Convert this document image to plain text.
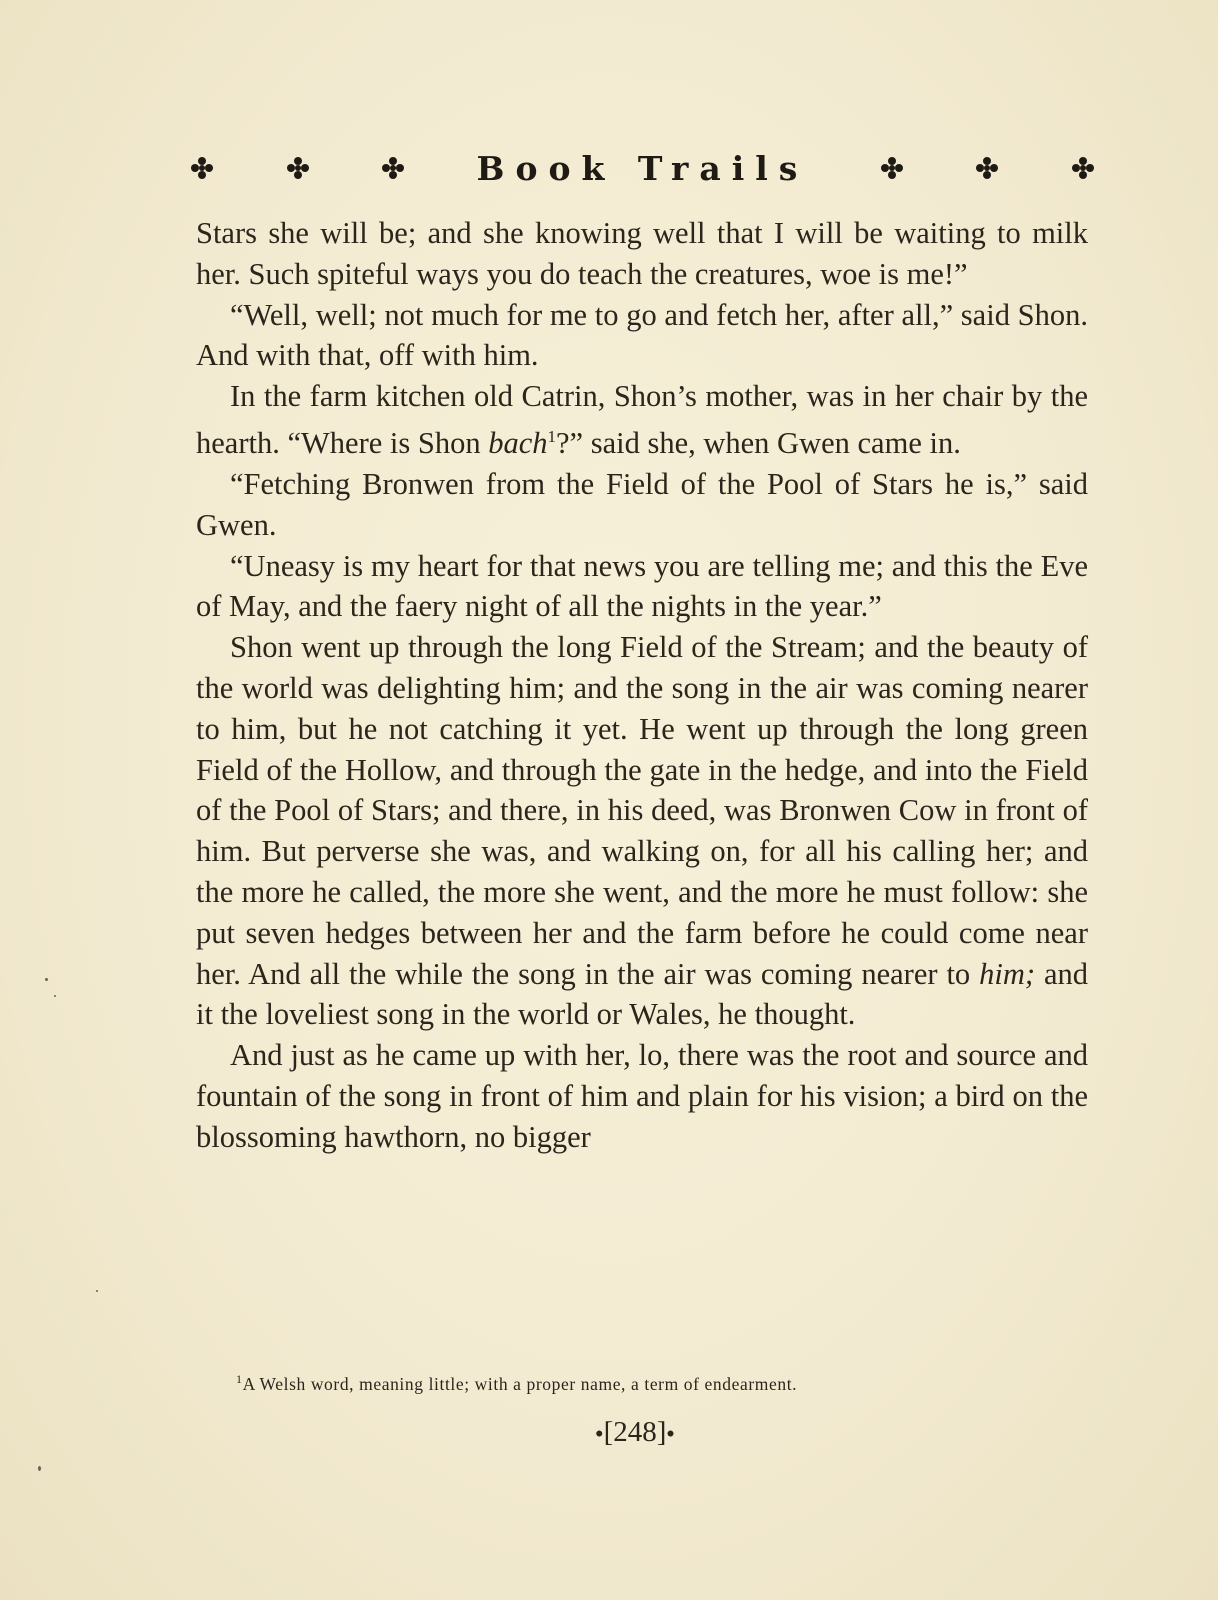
Book Trails

Stars she will be; and she knowing well that I will be waiting to milk her. Such spiteful ways you do teach the creatures, woe is me!”

“Well, well; not much for me to go and fetch her, after all,” said Shon. And with that, off with him.

In the farm kitchen old Catrin, Shon’s mother, was in her chair by the hearth. “Where is Shon bach$^1$?” said she, when Gwen came in.

“Fetching Bronwen from the Field of the Pool of Stars he is,” said Gwen.

“Uneasy is my heart for that news you are telling me; and this the Eve of May, and the faery night of all the nights in the year.”

Shon went up through the long Field of the Stream; and the beauty of the world was delighting him; and the song in the air was coming nearer to him, but he not catching it yet. He went up through the long green Field of the Hollow, and through the gate in the hedge, and into the Field of the Pool of Stars; and there, in his deed, was Bronwen Cow in front of him. But perverse she was, and walking on, for all his calling her; and the more he called, the more she went, and the more he must follow: she put seven hedges between her and the farm before he could come near her. And all the while the song in the air was coming nearer to him; and it the loveliest song in the world or Wales, he thought.

And just as he came up with her, lo, there was the root and source and fountain of the song in front of him and plain for his vision; a bird on the blossoming hawthorn, no bigger

$^1$A Welsh word, meaning little; with a proper name, a term of endearment.
●[248]●
